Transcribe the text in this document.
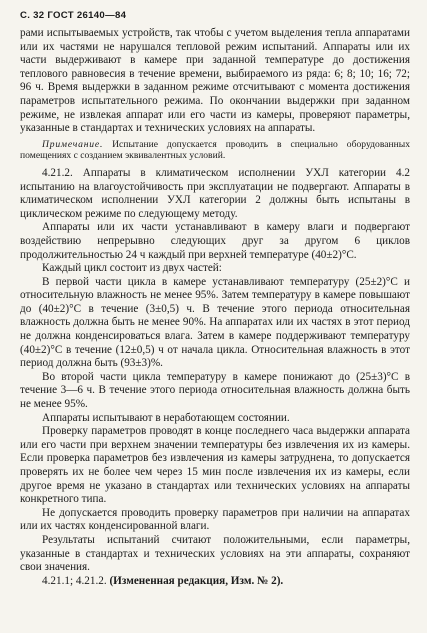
С. 32 ГОСТ 26140—84

рами испытываемых устройств, так чтобы с учетом выделения тепла аппаратами или их частями не нарушался тепловой режим испытаний. Аппараты или их части выдерживают в камере при заданной температуре до достижения теплового равновесия в течение времени, выбираемого из ряда: 6; 8; 10; 16; 72; 96 ч. Время выдержки в заданном режиме отсчитывают с момента достижения параметров испытательного режима. По окончании выдержки при заданном режиме, не извлекая аппарат или его части из камеры, проверяют параметры, указанные в стандартах и технических условиях на аппараты.

Примечание. Испытание допускается проводить в специально оборудованных помещениях с созданием эквивалентных условий.

4.21.2. Аппараты в климатическом исполнении УХЛ категории 4.2 испытанию на влагоустойчивость при эксплуатации не подвергают. Аппараты в климатическом исполнении УХЛ категории 2 должны быть испытаны в циклическом режиме по следующему методу.

Аппараты или их части устанавливают в камеру влаги и подвергают воздействию непрерывно следующих друг за другом 6 циклов продолжительностью 24 ч каждый при верхней температуре (40±2)°С.

Каждый цикл состоит из двух частей:

В первой части цикла в камере устанавливают температуру (25±2)°С и относительную влажность не менее 95%. Затем температуру в камере повышают до (40±2)°С в течение (3±0,5) ч. В течение этого периода относительная влажность должна быть не менее 90%. На аппаратах или их частях в этот период не должна конденсироваться влага. Затем в камере поддерживают температуру (40±2)°С в течение (12±0,5) ч от начала цикла. Относительная влажность в этот период должна быть (93±3)%.

Во второй части цикла температуру в камере понижают до (25±3)°С в течение 3—6 ч. В течение этого периода относительная влажность должна быть не менее 95%.

Аппараты испытывают в неработающем состоянии.

Проверку параметров проводят в конце последнего часа выдержки аппарата или его части при верхнем значении температуры без извлечения их из камеры. Если проверка параметров без извлечения из камеры затруднена, то допускается проверять их не более чем через 15 мин после извлечения их из камеры, если другое время не указано в стандартах или технических условиях на аппараты конкретного типа.

Не допускается проводить проверку параметров при наличии на аппаратах или их частях конденсированной влаги.

Результаты испытаний считают положительными, если параметры, указанные в стандартах и технических условиях на эти аппараты, сохраняют свои значения.

4.21.1; 4.21.2. (Измененная редакция, Изм. № 2).
